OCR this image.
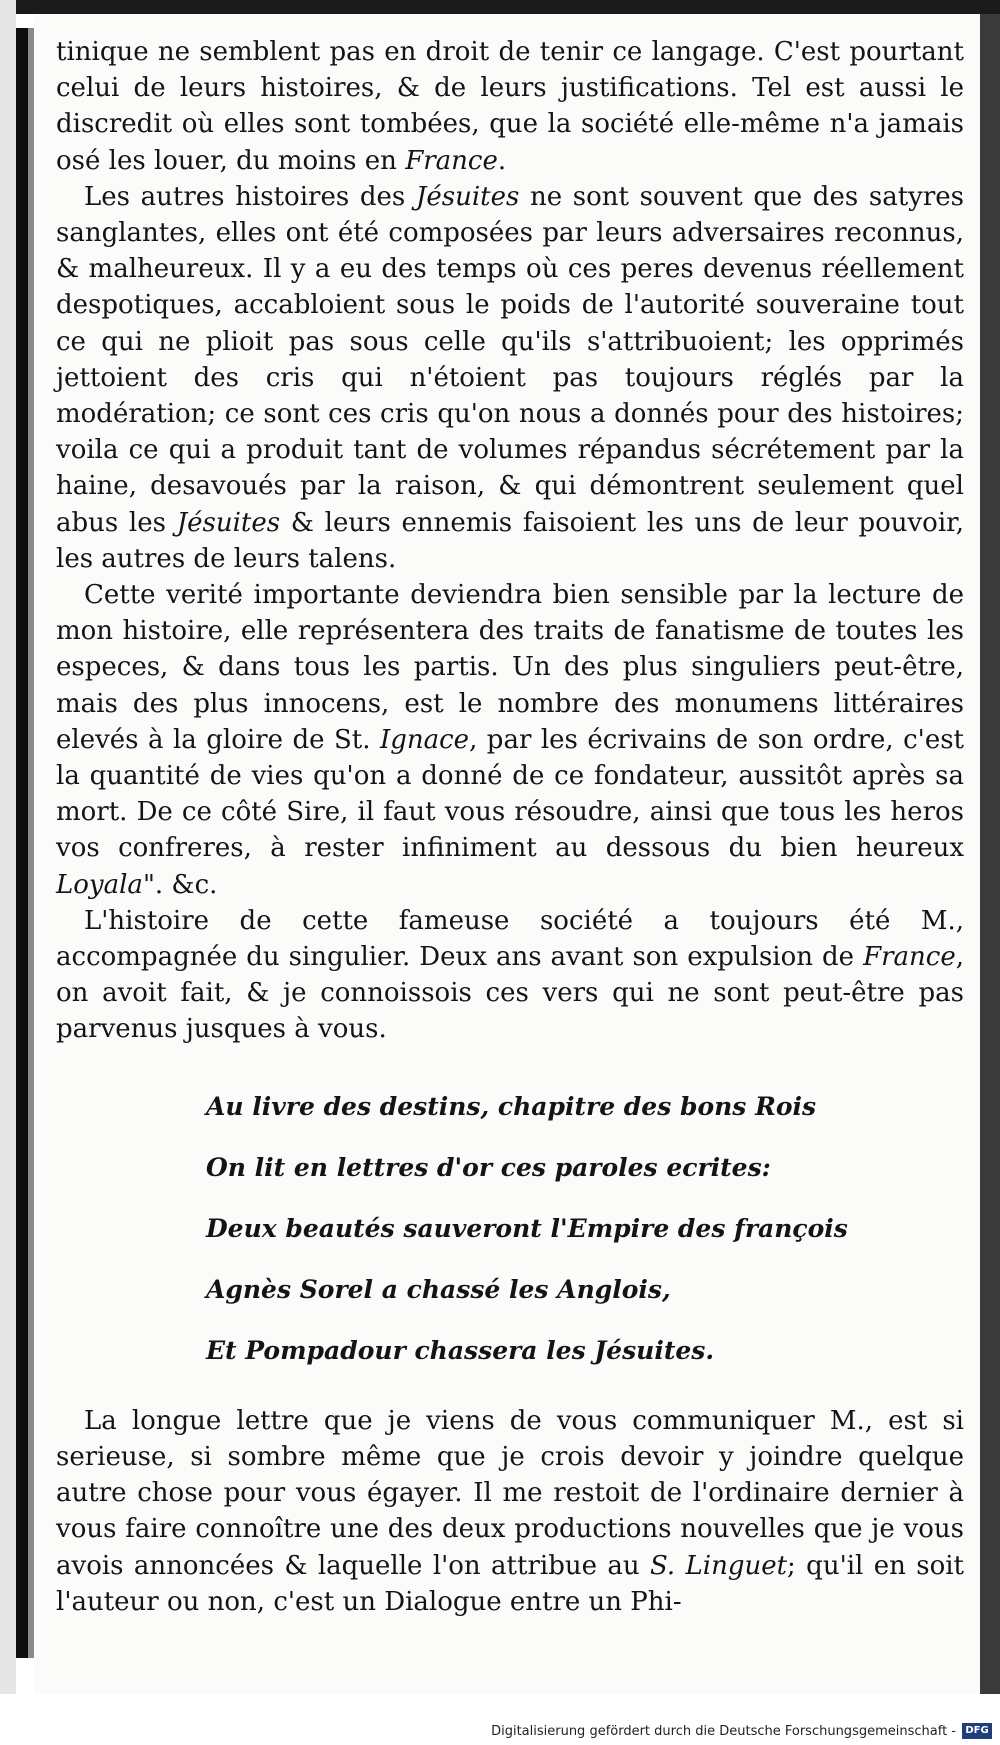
tinique ne semblent pas en droit de tenir ce langage. C'est pourtant celui de leurs histoires, & de leurs justifications. Tel est aussi le discredit où elles sont tombées, que la société elle-même n'a jamais osé les louer, du moins en France.

Les autres histoires des Jésuites ne sont souvent que des satyres sanglantes, elles ont été composées par leurs adversaires reconnus, & malheureux. Il y a eu des temps où ces peres devenus réellement despotiques, accabloient sous le poids de l'autorité souveraine tout ce qui ne plioit pas sous celle qu'ils s'attribuoient; les opprimés jettoient des cris qui n'étoient pas toujours réglés par la modération; ce sont ces cris qu'on nous a donnés pour des histoires; voila ce qui a produit tant de volumes répandus sécrétement par la haine, desavoués par la raison, & qui démontrent seulement quel abus les Jésuites & leurs ennemis faisoient les uns de leur pouvoir, les autres de leurs talens.

Cette verité importante deviendra bien sensible par la lecture de mon histoire, elle représentera des traits de fanatisme de toutes les especes, & dans tous les partis. Un des plus singuliers peut-être, mais des plus innocens, est le nombre des monumens littéraires elevés à la gloire de St. Ignace, par les écrivains de son ordre, c'est la quantité de vies qu'on a donné de ce fondateur, aussitôt après sa mort. De ce côté Sire, il faut vous résoudre, ainsi que tous les heros vos confreres, à rester infiniment au dessous du bien heureux Loyala". &c.

L'histoire de cette fameuse société a toujours été M., accompagnée du singulier. Deux ans avant son expulsion de France, on avoit fait, & je connoissois ces vers qui ne sont peut-être pas parvenus jusques à vous.

Au livre des destins, chapitre des bons Rois
On lit en lettres d'or ces paroles ecrites:
Deux beautés sauveront l'Empire des françois
Agnès Sorel a chassé les Anglois,
Et Pompadour chassera les Jésuites.

La longue lettre que je viens de vous communiquer M., est si serieuse, si sombre même que je crois devoir y joindre quelque autre chose pour vous égayer. Il me restoit de l'ordinaire dernier à vous faire connoître une des deux productions nouvelles que je vous avois annoncées & laquelle l'on attribue au S. Linguet; qu'il en soit l'auteur ou non, c'est un Dialogue entre un Phi-

Digitalisierung gefördert durch die Deutsche Forschungsgemeinschaft - DFG
